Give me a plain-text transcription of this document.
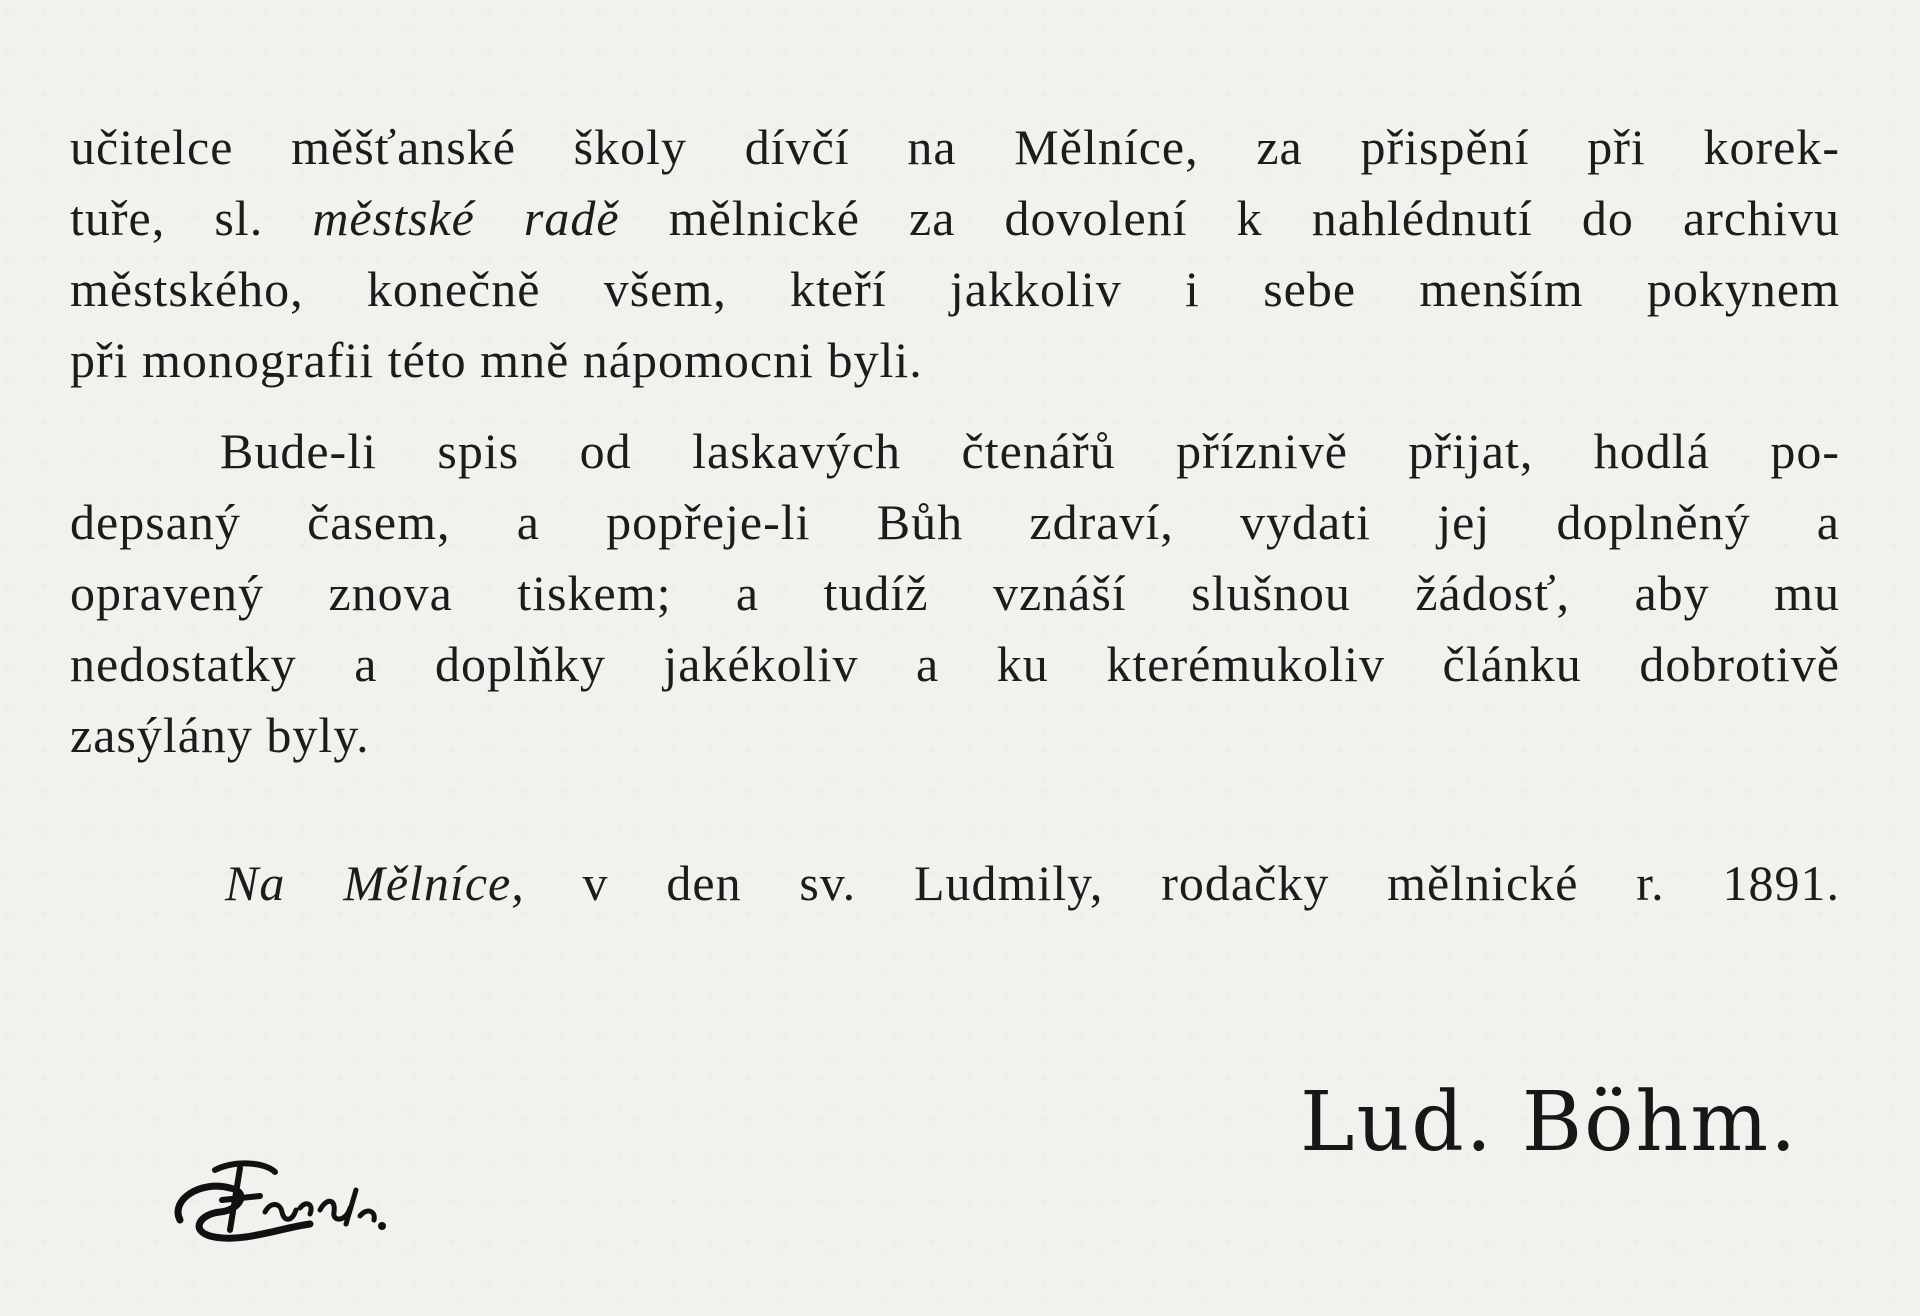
učitelce měšťanské školy dívčí na Mělníce, za přispění při korek-
tuře, sl. městské radě mělnické za dovolení k nahlédnutí do archivu
městského, konečně všem, kteří jakkoliv i sebe menším pokynem
při monografii této mně nápomocni byli.
Bude-li spis od laskavých čtenářů příznivě přijat, hodlá po-
depsaný časem, a popřeje-li Bůh zdraví, vydati jej doplněný a
opravený znova tiskem; a tudíž vznáší slušnou žádosť, aby mu
nedostatky a doplňky jakékoliv a ku kterémukoliv článku dobrotivě
zasýlány byly.
Na Mělníce, v den sv. Ludmily, rodačky mělnické r. 1891.
Lud. Böhm.
